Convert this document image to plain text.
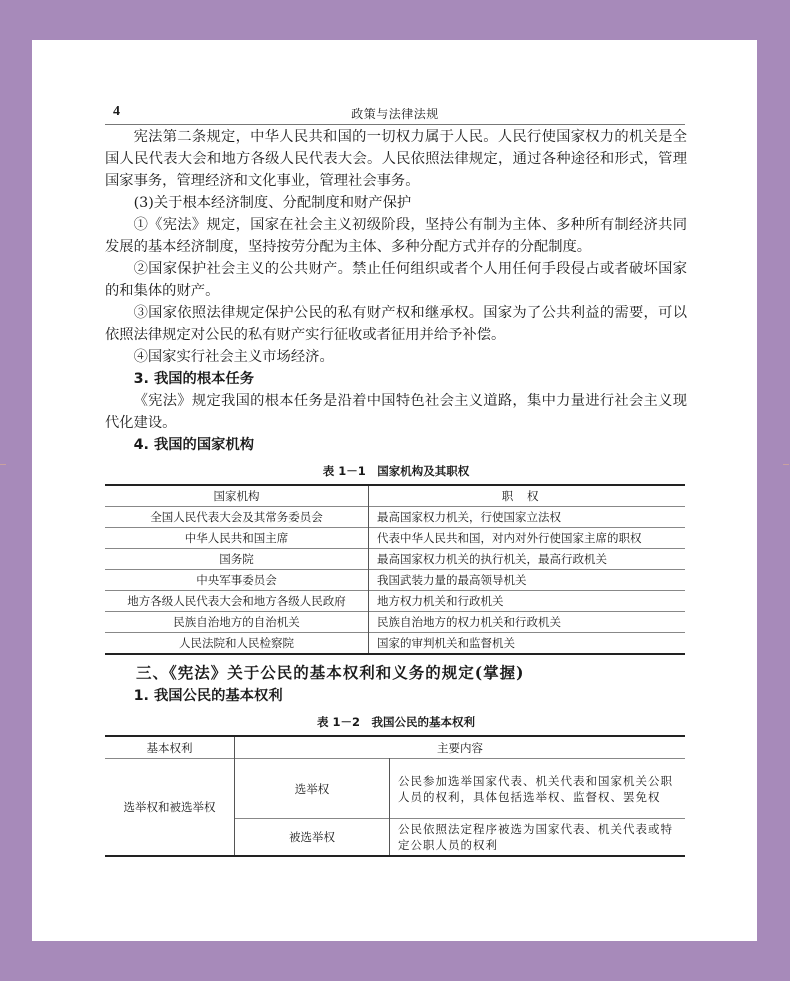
4	政策与法律法规

宪法第二条规定，中华人民共和国的一切权力属于人民。人民行使国家权力的机关是全国人民代表大会和地方各级人民代表大会。人民依照法律规定，通过各种途径和形式，管理国家事务，管理经济和文化事业，管理社会事务。

(3)关于根本经济制度、分配制度和财产保护

①《宪法》规定，国家在社会主义初级阶段，坚持公有制为主体、多种所有制经济共同发展的基本经济制度，坚持按劳分配为主体、多种分配方式并存的分配制度。

②国家保护社会主义的公共财产。禁止任何组织或者个人用任何手段侵占或者破坏国家的和集体的财产。

③国家依照法律规定保护公民的私有财产权和继承权。国家为了公共利益的需要，可以依照法律规定对公民的私有财产实行征收或者征用并给予补偿。

④国家实行社会主义市场经济。

3. 我国的根本任务

《宪法》规定我国的根本任务是沿着中国特色社会主义道路，集中力量进行社会主义现代化建设。

4. 我国的国家机构
表 1－1　国家机构及其职权
国家机构	职权
全国人民代表大会及其常务委员会	最高国家权力机关，行使国家立法权
中华人民共和国主席	代表中华人民共和国，对内对外行使国家主席的职权
国务院	最高国家权力机关的执行机关，最高行政机关
中央军事委员会	我国武装力量的最高领导机关
地方各级人民代表大会和地方各级人民政府	地方权力机关和行政机关
民族自治地方的自治机关	民族自治地方的权力机关和行政机关
人民法院和人民检察院	国家的审判机关和监督机关
三、《宪法》关于公民的基本权利和义务的规定(掌握)
1. 我国公民的基本权利
表 1－2　我国公民的基本权利
基本权利	主要内容	
选举权和被选举权	选举权	公民参加选举国家代表、机关代表和国家机关公职人员的权利，具体包括选举权、监督权、罢免权
	被选举权	公民依照法定程序被选为国家代表、机关代表或特定公职人员的权利
